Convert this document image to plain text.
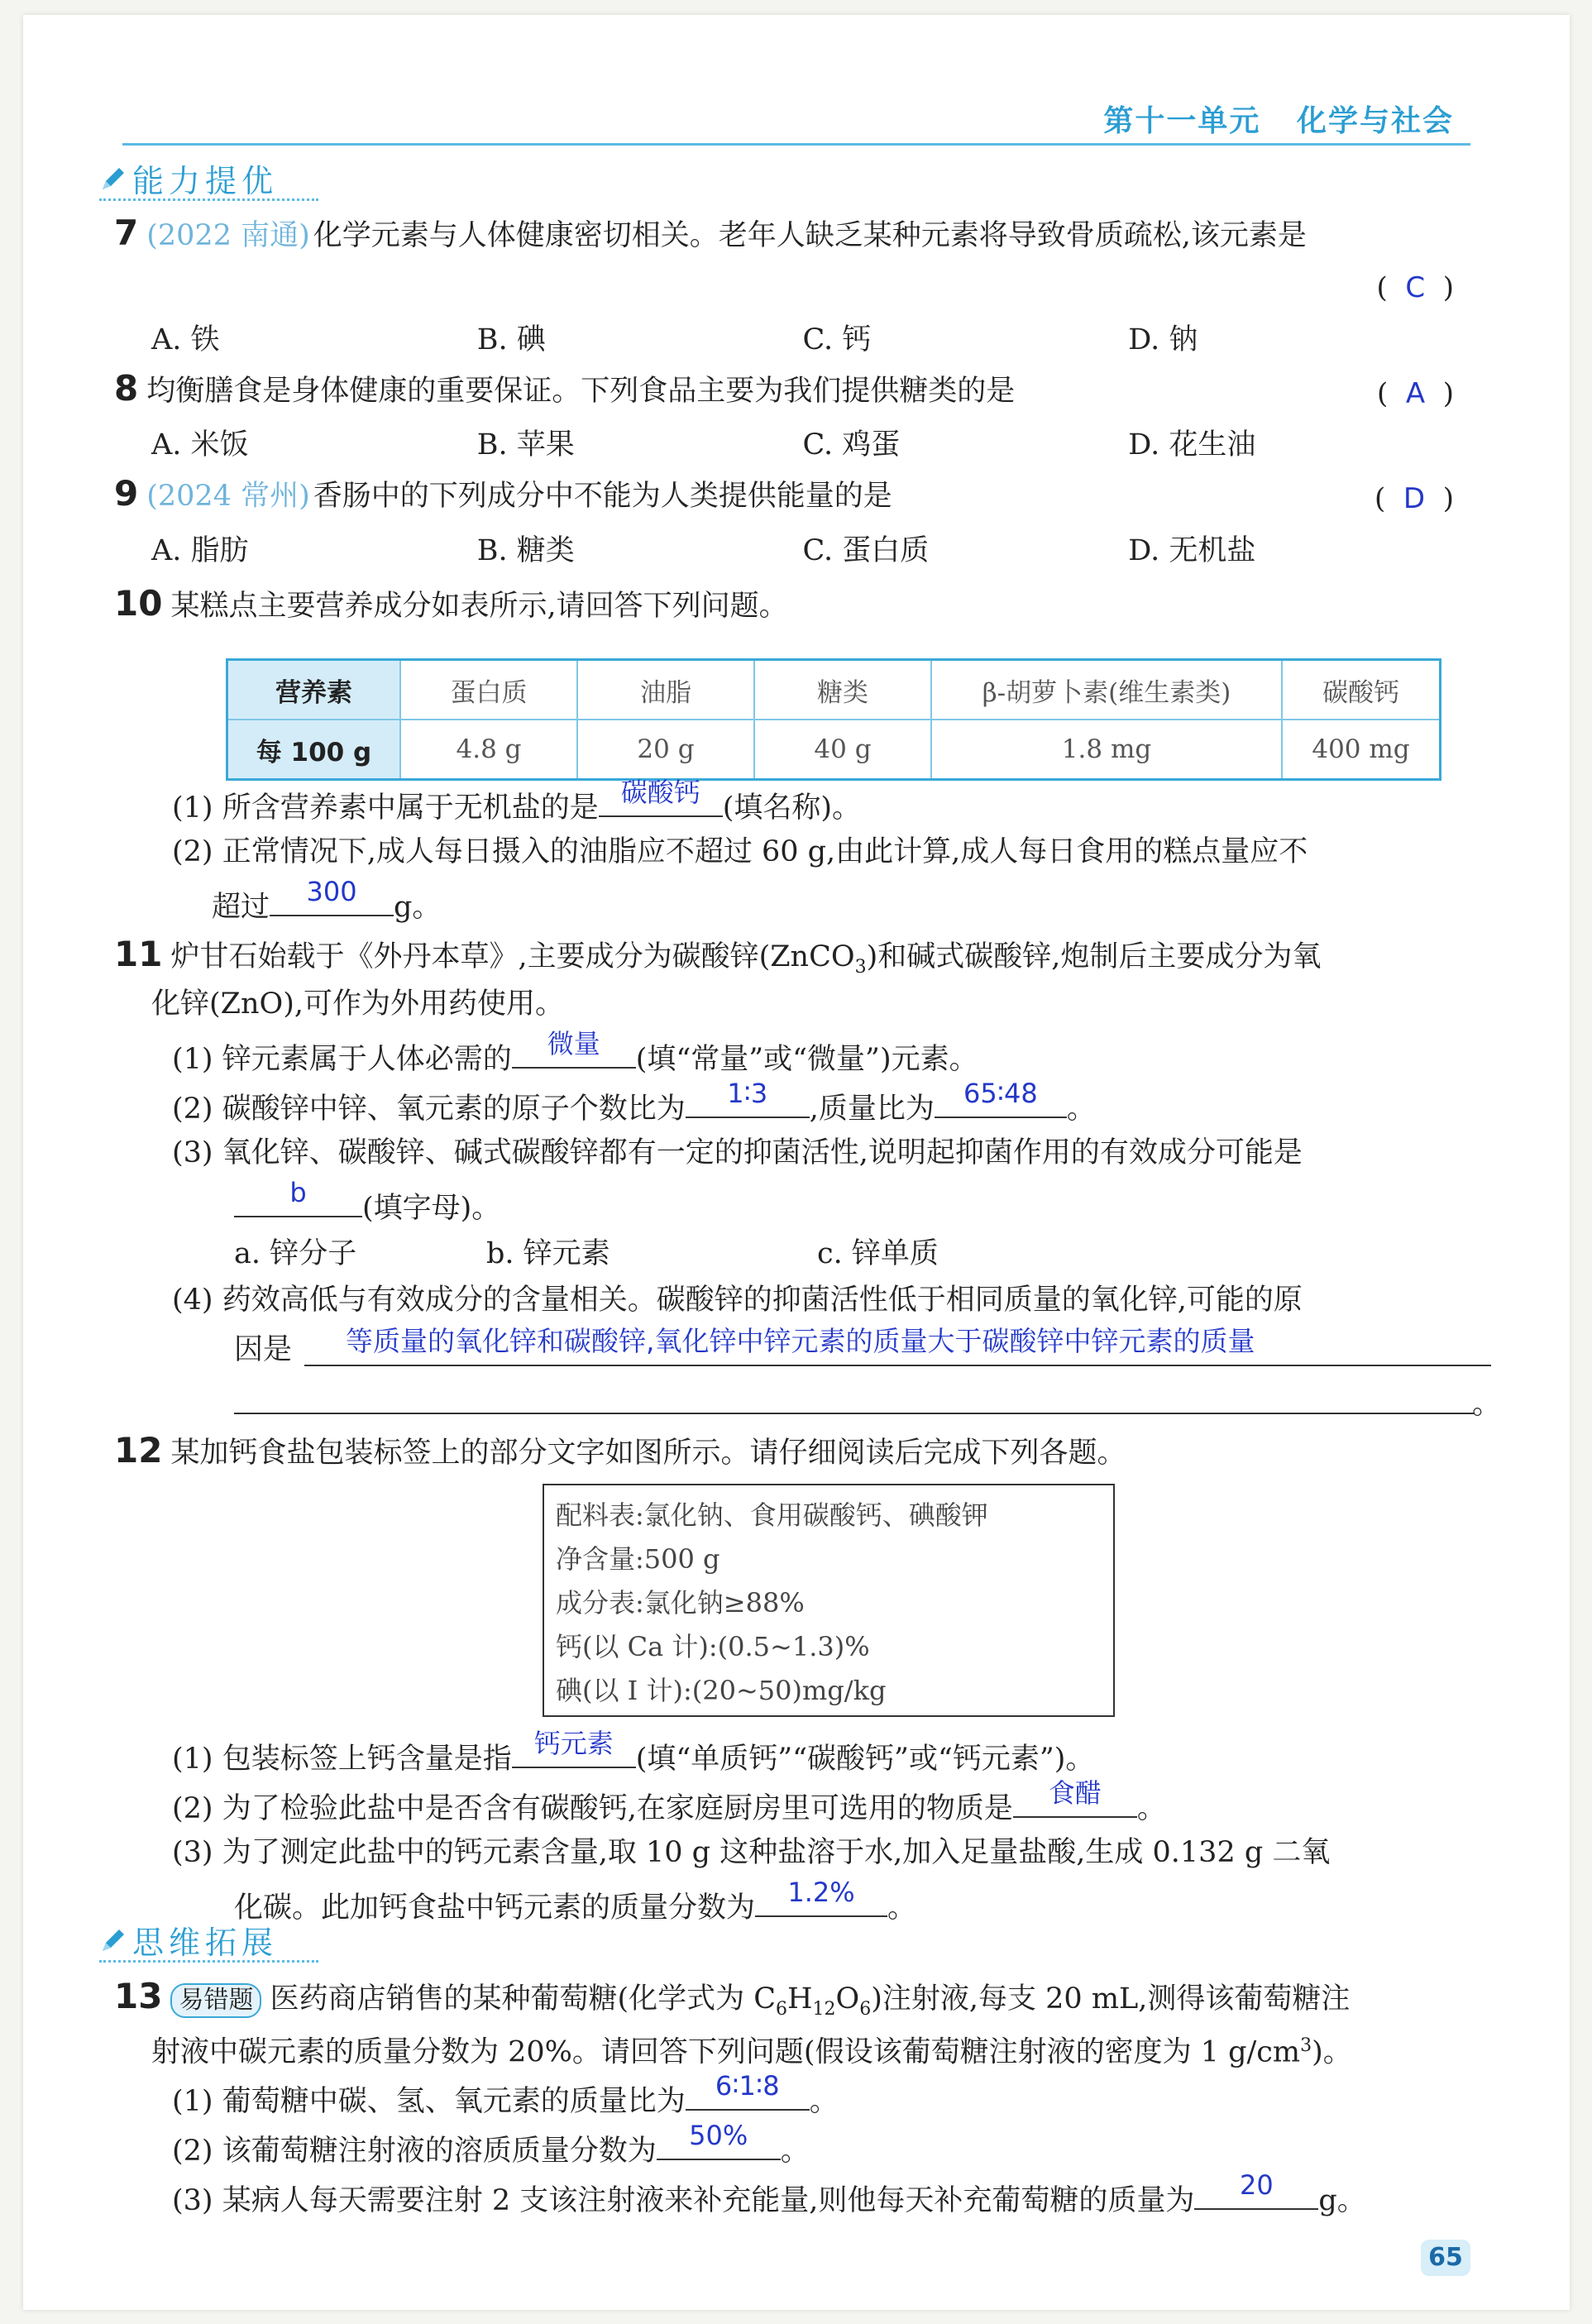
第十一单元 化学与社会
能力提优
7 (2022 南通) 化学元素与人体健康密切相关。老年人缺乏某种元素将导致骨质疏松,该元素是
(  C  )
A. 铁	B. 碘	C. 钙	D. 钠
8 均衡膳食是身体健康的重要保证。下列食品主要为我们提供糖类的是	(  A  )
A. 米饭	B. 苹果	C. 鸡蛋	D. 花生油
9 (2024 常州) 香肠中的下列成分中不能为人类提供能量的是	(  D  )
A. 脂肪	B. 糖类	C. 蛋白质	D. 无机盐
10 某糕点主要营养成分如表所示,请回答下列问题。
营养素	蛋白质	油脂	糖类	β-胡萝卜素(维生素类)	碳酸钙
每 100 g	4.8 g	20 g	40 g	1.8 mg	400 mg
(1) 所含营养素中属于无机盐的是 碳酸钙 (填名称)。
(2) 正常情况下,成人每日摄入的油脂应不超过 60 g,由此计算,成人每日食用的糕点量应不
超过	300	g。
11 炉甘石始载于《外丹本草》,主要成分为碳酸锌(ZnCO$_3$)和碱式碳酸锌,炮制后主要成分为氧
化锌(ZnO),可作为外用药使用。
(1) 锌元素属于人体必需的	微量	(填“常量”或“微量”)元素。
(2) 碳酸锌中锌、氧元素的原子个数比为	1∶3	,质量比为	65∶48	。
(3) 氧化锌、碳酸锌、碱式碳酸锌都有一定的抑菌活性,说明起抑菌作用的有效成分可能是
b	(填字母)。
a. 锌分子	b. 锌元素	c. 锌单质
(4) 药效高低与有效成分的含量相关。碳酸锌的抑菌活性低于相同质量的氧化锌,可能的原
因是	等质量的氧化锌和碳酸锌,氧化锌中锌元素的质量大于碳酸锌中锌元素的质量
。
12 某加钙食盐包装标签上的部分文字如图所示。请仔细阅读后完成下列各题。
配料表:氯化钠、食用碳酸钙、碘酸钾
净含量:500 g
成分表:氯化钠≥88%
钙(以 Ca 计):(0.5~1.3)%
碘(以 I 计):(20~50)mg/kg
(1) 包装标签上钙含量是指 钙元素 (填“单质钙”“碳酸钙”或“钙元素”)。
(2) 为了检验此盐中是否含有碳酸钙,在家庭厨房里可选用的物质是	食醋	。
(3) 为了测定此盐中的钙元素含量,取 10 g 这种盐溶于水,加入足量盐酸,生成 0.132 g 二氧
化碳。此加钙食盐中钙元素的质量分数为	1.2%	。
思维拓展
13 易错题 医药商店销售的某种葡萄糖(化学式为 $C_6H_{12}O_6$)注射液,每支 20 mL,测得该葡萄糖注
射液中碳元素的质量分数为 20%。请回答下列问题(假设该葡萄糖注射液的密度为 1 $g/cm^3$)。
(1) 葡萄糖中碳、氢、氧元素的质量比为	6∶1∶8	。
(2) 该葡萄糖注射液的溶质质量分数为	50%	。
(3) 某病人每天需要注射 2 支该注射液来补充能量,则他每天补充葡萄糖的质量为	20	g。
65
